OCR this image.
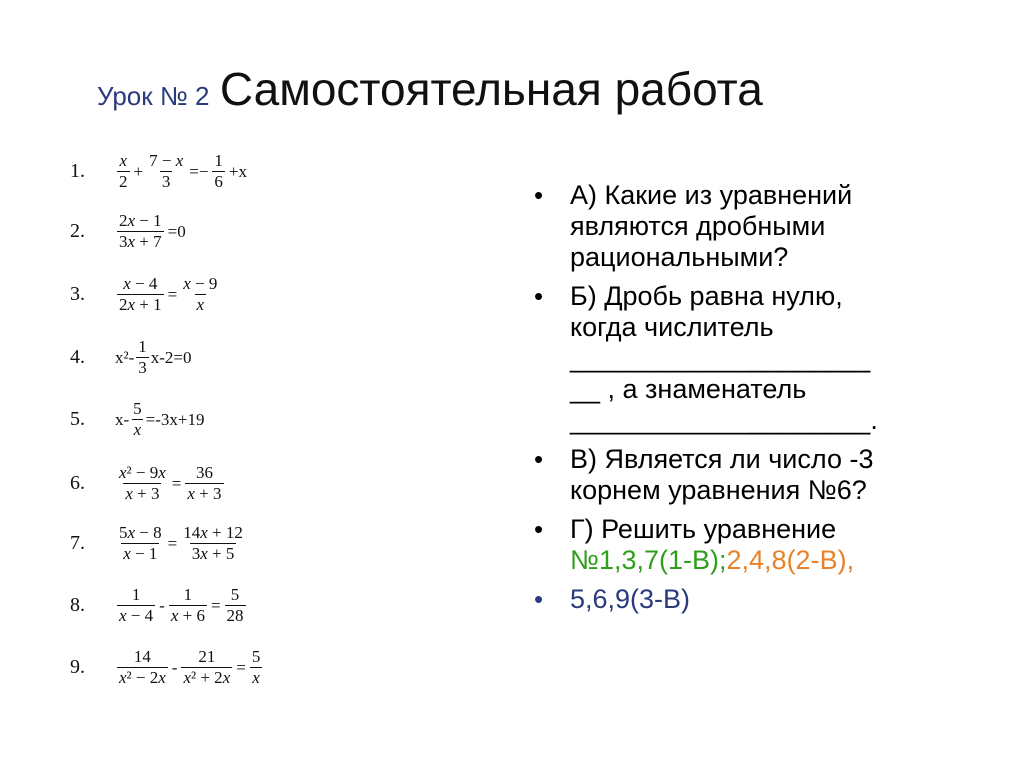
Урок № 2 Самостоятельная работа
1. $\frac{x}{2} + \frac{7 - x}{3} =- \frac{1}{6} +x$
2. $\frac{2x - 1}{3x + 7} =0$
3. $\frac{x - 4}{2x + 1} = \frac{x - 9}{x}$
4. $x^2- \frac{1}{3} x-2=0$
5. $x- \frac{5}{x} =-3x+19$
6. $\frac{\text{x² − 9x}}{x + 3} = \frac{36}{x + 3}$
7. $\frac{5x - 8}{x - 1} = \frac{14x + 12}{3x + 5}$
8. $\frac{1}{x - 4} - \frac{1}{x + 6} = \frac{5}{28}$
9. $\frac{14}{\text{x² − 2x}} - \frac{21}{\text{x² + 2x}} = \frac{5}{x}$
• А) Какие из уравнений
являются дробными
рациональными?
• Б) Дробь равна нулю,
когда числитель
____________________
__ , а знаменатель
____________________.
• В) Является ли число -3
корнем уравнения №6?
• Г) Решить уравнение
№1,3,7(1-В);2,4,8(2-В),
• 5,6,9(3-В)
